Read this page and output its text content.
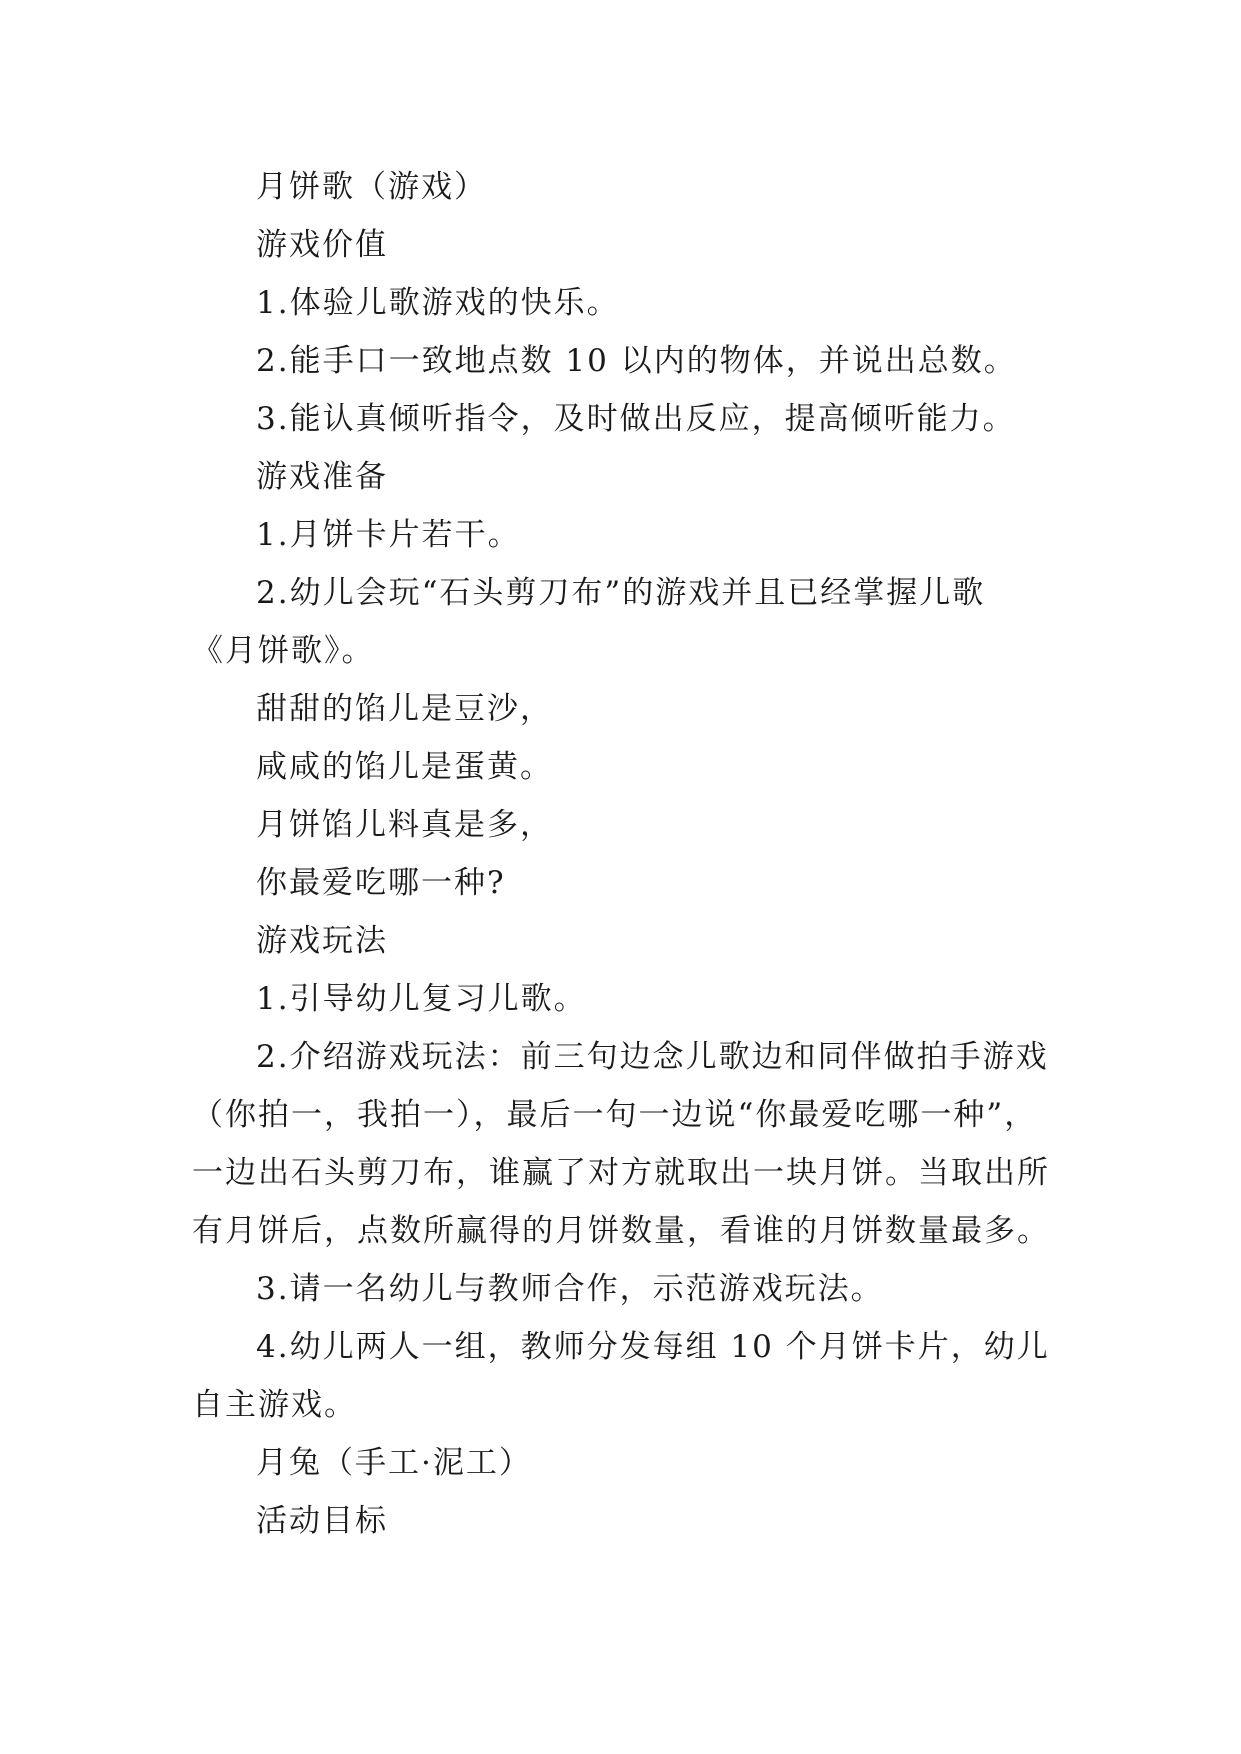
月饼歌（游戏）
游戏价值
1.体验儿歌游戏的快乐。
2.能手口一致地点数 10 以内的物体，并说出总数。
3.能认真倾听指令，及时做出反应，提高倾听能力。
游戏准备
1.月饼卡片若干。
2.幼儿会玩“石头剪刀布”的游戏并且已经掌握儿歌
《月饼歌》。
甜甜的馅儿是豆沙，
咸咸的馅儿是蛋黄。
月饼馅儿料真是多，
你最爱吃哪一种?
游戏玩法
1.引导幼儿复习儿歌。
2.介绍游戏玩法：前三句边念儿歌边和同伴做拍手游戏
（你拍一，我拍一），最后一句一边说“你最爱吃哪一种”，
一边出石头剪刀布，谁赢了对方就取出一块月饼。当取出所
有月饼后，点数所赢得的月饼数量，看谁的月饼数量最多。
3.请一名幼儿与教师合作，示范游戏玩法。
4.幼儿两人一组，教师分发每组 10 个月饼卡片，幼儿
自主游戏。
月兔（手工·泥工）
活动目标
